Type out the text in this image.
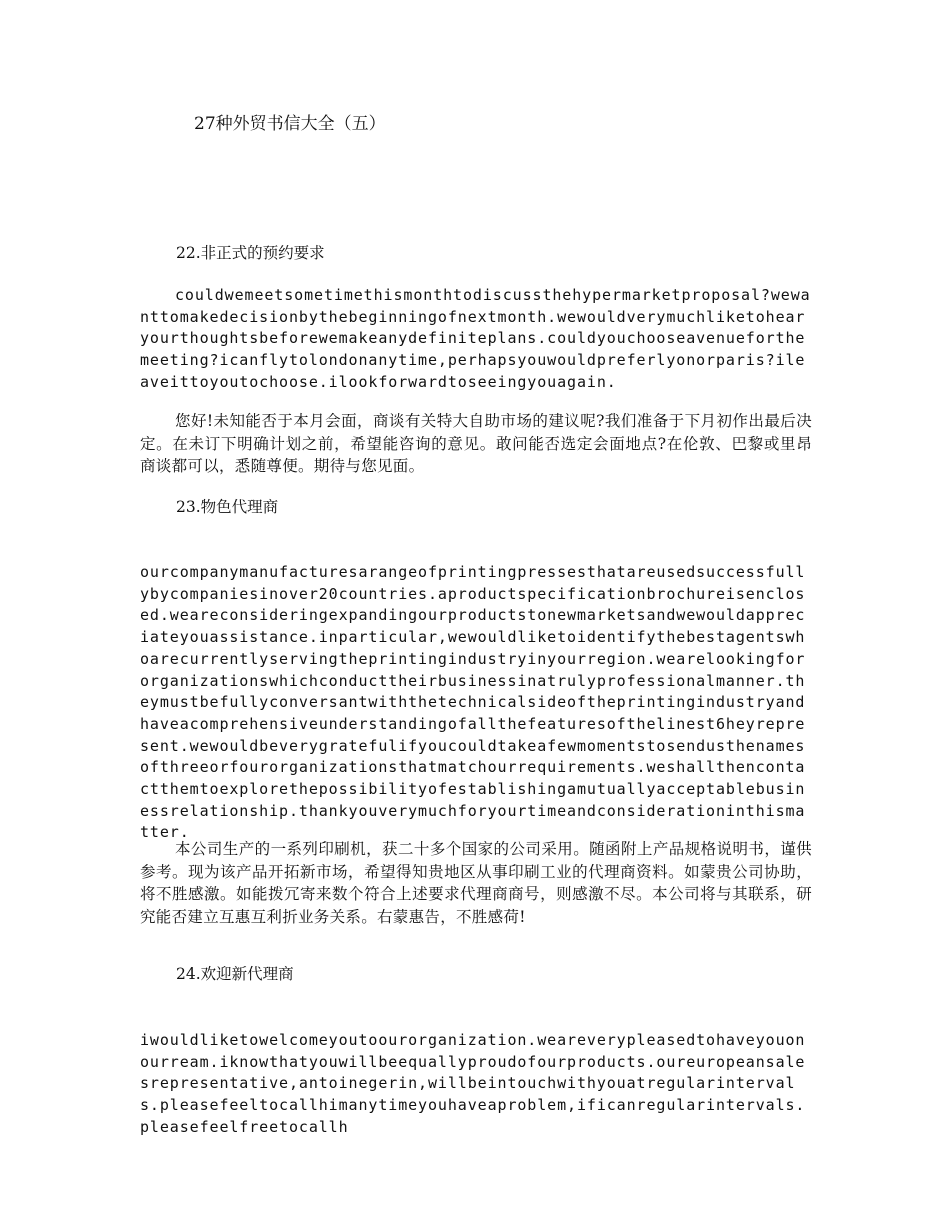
27种外贸书信大全（五）
22.非正式的预约要求
couldwemeetsometimethismonthtodiscussthehypermarketproposal?wewanttomakedecisionbythebeginningofnextmonth.wewouldverymuchliketohearyourthoughtsbeforewemakeanydefiniteplans.couldyouchooseavenueforthemeeting?icanflytolondonanytime,perhapsyouwouldpreferlyonorparis?ileaveittoyoutochoose.ilookforwardtoseeingyouagain.
您好!未知能否于本月会面，商谈有关特大自助市场的建议呢?我们准备于下月初作出最后决定。在未订下明确计划之前，希望能咨询的意见。敢问能否选定会面地点?在伦敦、巴黎或里昂商谈都可以，悉随尊便。期待与您见面。
23.物色代理商
ourcompanymanufacturesarangeofprintingpressesthatareusedsuccessfullybycompaniesinover20countries.aproductspecificationbrochureisenclosed.weareconsideringexpandingourproductstonewmarketsandwewouldappreciateyouassistance.inparticular,wewouldliketoidentifythebestagentswhoarecurrentlyservingtheprintingindustryinyourregion.wearelookingfororganizationswhichconducttheirbusinessinatrulyprofessionalmanner.theymustbefullyconversantwiththetechnicalsideoftheprintingindustryandhaveacomprehensiveunderstandingofallthefeaturesofthelinest6heyrepresent.wewouldbeverygratefulifyoucouldtakeafewmomentstosendusthenamesofthreeorfourorganizationsthatmatchourrequirements.weshallthencontactthemtoexplorethepossibilityofestablishingamutuallyacceptablebusinessrelationship.thankyouverymuchforyourtimeandconsiderationinthismatter.
本公司生产的一系列印刷机，获二十多个国家的公司采用。随函附上产品规格说明书，谨供参考。现为该产品开拓新市场，希望得知贵地区从事印刷工业的代理商资料。如蒙贵公司协助，将不胜感激。如能拨冗寄来数个符合上述要求代理商商号，则感激不尽。本公司将与其联系，研究能否建立互惠互利折业务关系。右蒙惠告，不胜感荷!
24.欢迎新代理商
iwouldliketowelcomeyoutoourorganization.weareverypleasedtohaveyouonourream.iknowthatyouwillbeequallyproudofourproducts.oureuropeansalesrepresentative,antoinegerin,willbeintouchwithyouatregularintervals.pleasefeeltocallhimanytimeyouhaveaproblem,ificanregularintervals.pleasefeelfreetocallh
